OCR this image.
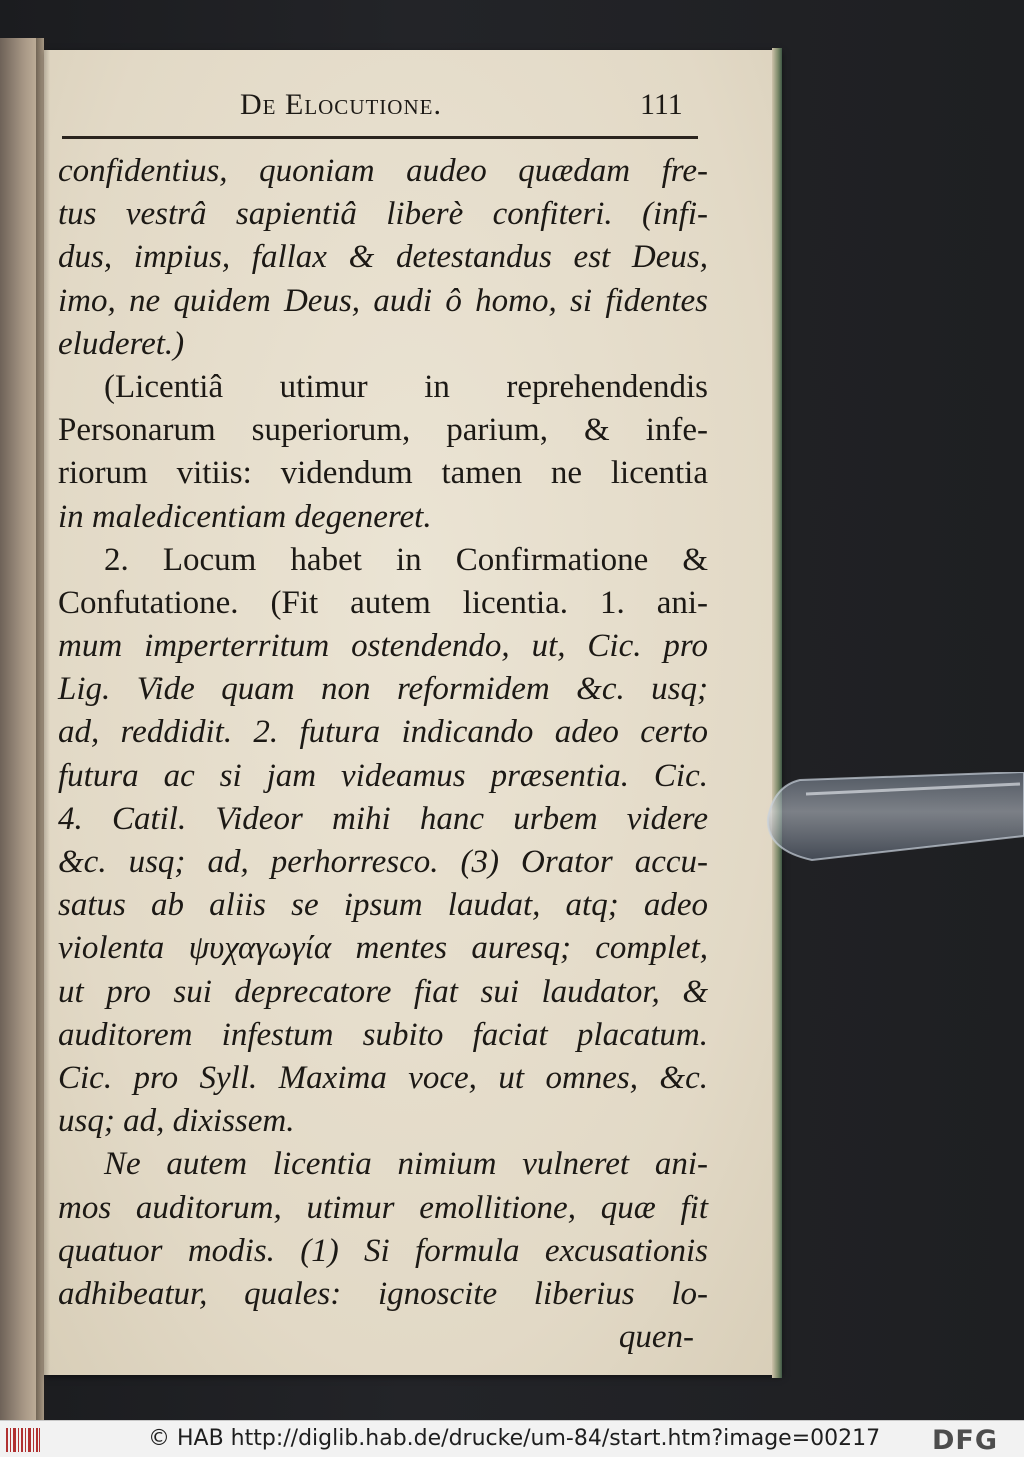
De Elocutione.	111
confidentius, quoniam audeo quædam fre-
tus vestrâ sapientiâ liberè confiteri. (infi-
dus, impius, fallax & detestandus est Deus,
imo, ne quidem Deus, audi ô homo, si fidentes
eluderet.)
(Licentiâ utimur in reprehendendis
Personarum superiorum, parium, & infe-
riorum vitiis: videndum tamen ne licentia
in maledicentiam degeneret.
2. Locum habet in Confirmatione &
Confutatione. (Fit autem licentia. 1. ani-
mum imperterritum ostendendo, ut, Cic. pro
Lig. Vide quam non reformidem &c. usq;
ad, reddidit. 2. futura indicando adeo certo
futura ac si jam videamus præsentia. Cic.
4. Catil. Videor mihi hanc urbem videre
&c. usq; ad, perhorresco. (3) Orator accu-
satus ab aliis se ipsum laudat, atq; adeo
violenta ψυχαγωγία mentes auresq; complet,
ut pro sui deprecatore fiat sui laudator, &
auditorem infestum subito faciat placatum.
Cic. pro Syll. Maxima voce, ut omnes, &c.
usq; ad, dixissem.
Ne autem licentia nimium vulneret ani-
mos auditorum, utimur emollitione, quæ fit
quatuor modis. (1) Si formula excusationis
adhibeatur, quales: ignoscite liberius lo-
quen-
© HAB http://diglib.hab.de/drucke/um-84/start.htm?image=00217 DFG
